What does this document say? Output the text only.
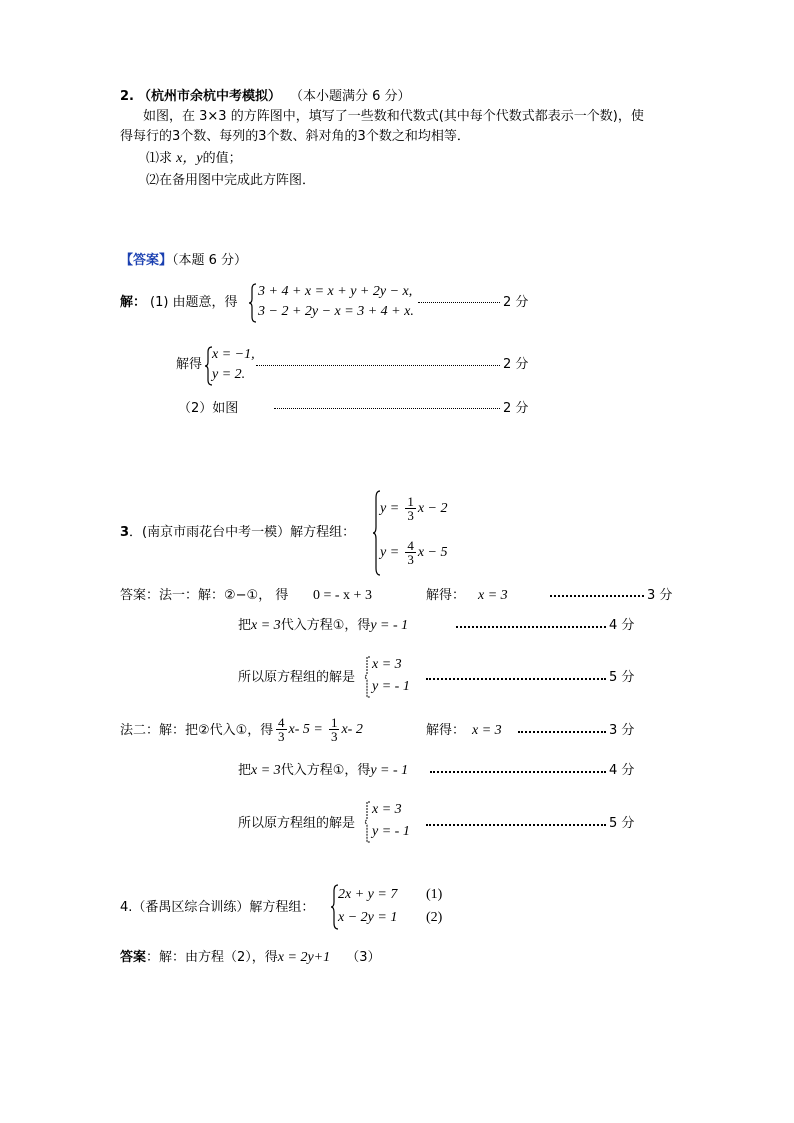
2. （杭州市余杭中考模拟） （本小题满分 6 分）
如图，在 3×3 的方阵图中，填写了一些数和代数式(其中每个代数式都表示一个数)，使
得每行的3个数、每列的3个数、斜对角的3个数之和均相等．
⑴求 x，y的值；
⑵在备用图中完成此方阵图．
【答案】（本题 6 分）
解： (1) 由题意，得
3 + 4 + x = x + y + 2y − x,
3 − 2 + 2y − x = 3 + 4 + x.
2 分
解得
x = −1,
y = 2.
2 分
（2）如图	2 分
3．(南京市雨花台中考一模）解方程组：
$y = \frac{1}{3}$ x − 2
$y = \frac{4}{3}$ x − 5
答案：法一：解：②−①， 得 0 = - x + 3	解得： x = 3	3 分
把x = 3代入方程①，得y = - 1	4 分
所以原方程组的解是
x = 3
y = - 1
5 分
法二：解：把②代入①，得 $\frac{4}{3} x-$ $5 = \frac{1}{3} x-$ 2	解得： x = 3	3 分
把x = 3代入方程①，得y = - 1	4 分
所以原方程组的解是
x = 3
y = - 1
5 分
4.（番禺区综合训练）解方程组：
2x + y = 7 (1)
x − 2y = 1 (2)
答案：解：由方程（2），得x = 2y+1 （3）
